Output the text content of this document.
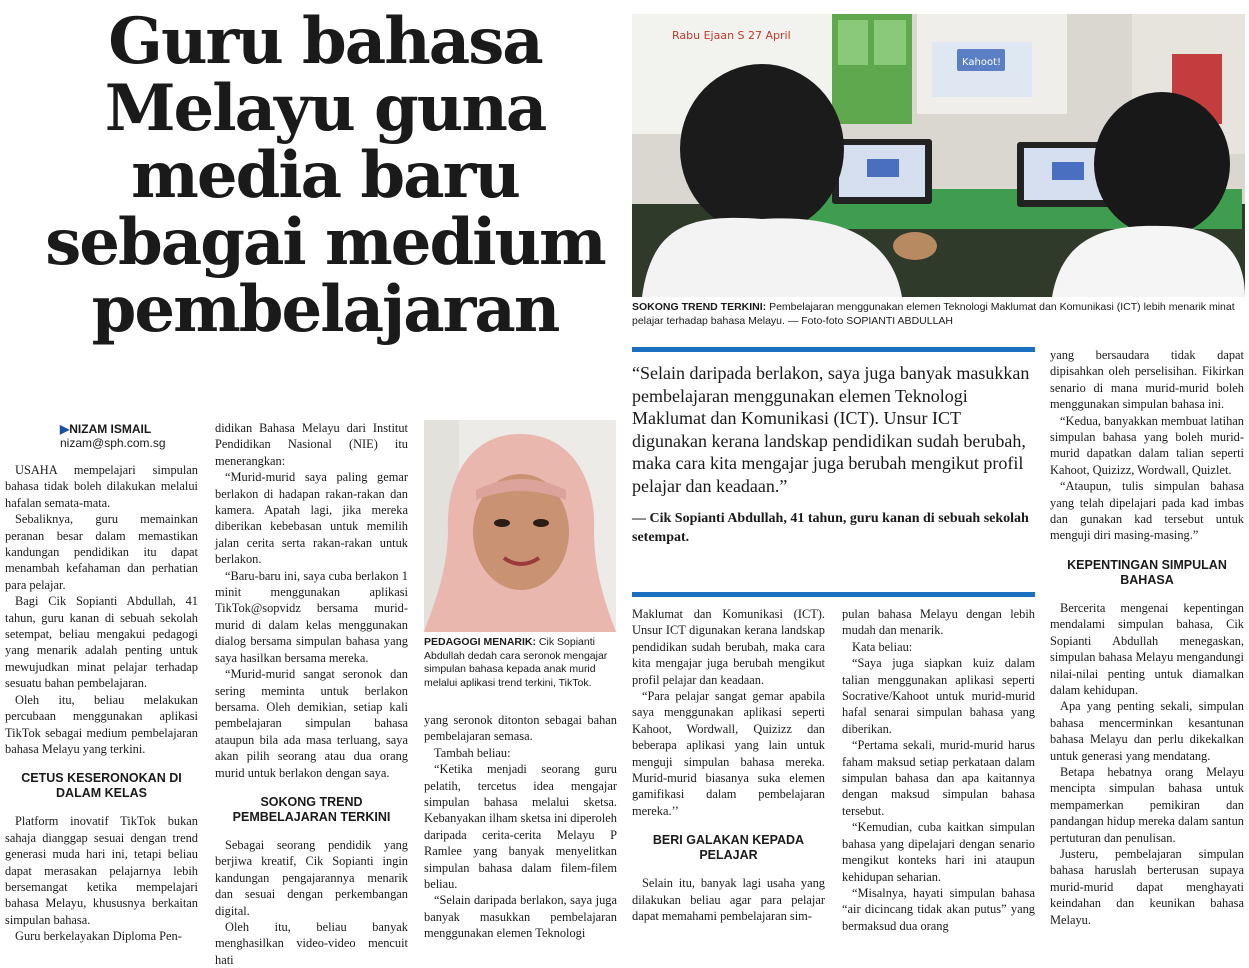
Guru bahasa Melayu guna media baru sebagai medium pembelajaran
▶NIZAM ISMAIL
nizam@sph.com.sg
Rabu Ejaan S 27 April
Kahoot!
SOKONG TREND TERKINI: Pembelajaran menggunakan elemen Teknologi Maklumat dan Komunikasi (ICT) lebih menarik minat pelajar terhadap bahasa Melayu. — Foto-foto SOPIANTI ABDULLAH
PEDAGOGI MENARIK: Cik Sopianti Abdullah dedah cara seronok mengajar simpulan bahasa kepada anak murid melalui aplikasi trend terkini, TikTok.

“Selain daripada berlakon, saya juga banyak masukkan pembelajaran menggunakan elemen Teknologi Maklumat dan Komunikasi (ICT). Unsur ICT digunakan kerana landskap pendidikan sudah berubah, maka cara kita mengajar juga berubah mengikut profil pelajar dan keadaan.”

— Cik Sopianti Abdullah, 41 tahun, guru kanan di sebuah sekolah setempat.

USAHA mempelajari simpulan bahasa tidak boleh dilakukan melalui hafalan semata-mata.

Sebaliknya, guru memainkan peranan besar dalam memastikan kandungan pendidikan itu dapat menambah kefahaman dan perhatian para pelajar.

Bagi Cik Sopianti Abdullah, 41 tahun, guru kanan di sebuah sekolah setempat, beliau mengakui pedagogi yang menarik adalah penting untuk mewujudkan minat pelajar terhadap sesuatu bahan pembelajaran.

Oleh itu, beliau melakukan percubaan menggunakan aplikasi TikTok sebagai medium pembelajaran bahasa Melayu yang terkini.

CETUS KESERONOKAN DI DALAM KELAS

Platform inovatif TikTok bukan sahaja dianggap sesuai dengan trend generasi muda hari ini, tetapi beliau dapat merasakan pelajarnya lebih bersemangat ketika mempelajari bahasa Melayu, khususnya berkaitan simpulan bahasa.

Guru berkelayakan Diploma Pen-

didikan Bahasa Melayu dari Institut Pendidikan Nasional (NIE) itu menerangkan:

“Murid-murid saya paling gemar berlakon di hadapan rakan-rakan dan kamera. Apatah lagi, jika mereka diberikan kebebasan untuk memilih jalan cerita serta rakan-rakan untuk berlakon.

“Baru-baru ini, saya cuba berlakon 1 minit menggunakan aplikasi TikTok@sopvidz bersama murid-murid di dalam kelas menggunakan dialog bersama simpulan bahasa yang saya hasilkan bersama mereka.

“Murid-murid sangat seronok dan sering meminta untuk berlakon bersama. Oleh demikian, setiap kali pembelajaran simpulan bahasa ataupun bila ada masa terluang, saya akan pilih seorang atau dua orang murid untuk berlakon dengan saya.

SOKONG TREND PEMBELAJARAN TERKINI

Sebagai seorang pendidik yang berjiwa kreatif, Cik Sopianti ingin kandungan pengajarannya menarik dan sesuai dengan perkembangan digital.

Oleh itu, beliau banyak menghasilkan video-video mencuit hati

yang seronok ditonton sebagai bahan pembelajaran semasa.

Tambah beliau:

“Ketika menjadi seorang guru pelatih, tercetus idea mengajar simpulan bahasa melalui sketsa. Kebanyakan ilham sketsa ini diperoleh daripada cerita-cerita Melayu P Ramlee yang banyak menyelitkan simpulan bahasa dalam filem-filem beliau.

“Selain daripada berlakon, saya juga banyak masukkan pembelajaran menggunakan elemen Teknologi

Maklumat dan Komunikasi (ICT). Unsur ICT digunakan kerana landskap pendidikan sudah berubah, maka cara kita mengajar juga berubah mengikut profil pelajar dan keadaan.

“Para pelajar sangat gemar apabila saya menggunakan aplikasi seperti Kahoot, Wordwall, Quizizz dan beberapa aplikasi yang lain untuk menguji simpulan bahasa mereka. Murid-murid biasanya suka elemen gamifikasi dalam pembelajaran mereka.’’

BERI GALAKAN KEPADA PELAJAR

Selain itu, banyak lagi usaha yang dilakukan beliau agar para pelajar dapat memahami pembelajaran sim-

pulan bahasa Melayu dengan lebih mudah dan menarik.

Kata beliau:

“Saya juga siapkan kuiz dalam talian menggunakan aplikasi seperti Socrative/Kahoot untuk murid-murid hafal senarai simpulan bahasa yang diberikan.

“Pertama sekali, murid-murid harus faham maksud setiap perkataan dalam simpulan bahasa dan apa kaitannya dengan maksud simpulan bahasa tersebut.

“Kemudian, cuba kaitkan simpulan bahasa yang dipelajari dengan senario mengikut konteks hari ini ataupun kehidupan seharian.

“Misalnya, hayati simpulan bahasa “air dicincang tidak akan putus” yang bermaksud dua orang

yang bersaudara tidak dapat dipisahkan oleh perselisihan. Fikirkan senario di mana murid-murid boleh menggunakan simpulan bahasa ini.

“Kedua, banyakkan membuat latihan simpulan bahasa yang boleh murid-murid dapatkan dalam talian seperti Kahoot, Quizizz, Wordwall, Quizlet.

“Ataupun, tulis simpulan bahasa yang telah dipelajari pada kad imbas dan gunakan kad tersebut untuk menguji diri masing-masing.”

KEPENTINGAN SIMPULAN BAHASA

Bercerita mengenai kepentingan mendalami simpulan bahasa, Cik Sopianti Abdullah menegaskan, simpulan bahasa Melayu mengandungi nilai-nilai penting untuk diamalkan dalam kehidupan.

Apa yang penting sekali, simpulan bahasa mencerminkan kesantunan bahasa Melayu dan perlu dikekalkan untuk generasi yang mendatang.

Betapa hebatnya orang Melayu mencipta simpulan bahasa untuk mempamerkan pemikiran dan pandangan hidup mereka dalam santun pertuturan dan penulisan.

Justeru, pembelajaran simpulan bahasa haruslah berterusan supaya murid-murid dapat menghayati keindahan dan keunikan bahasa Melayu.
